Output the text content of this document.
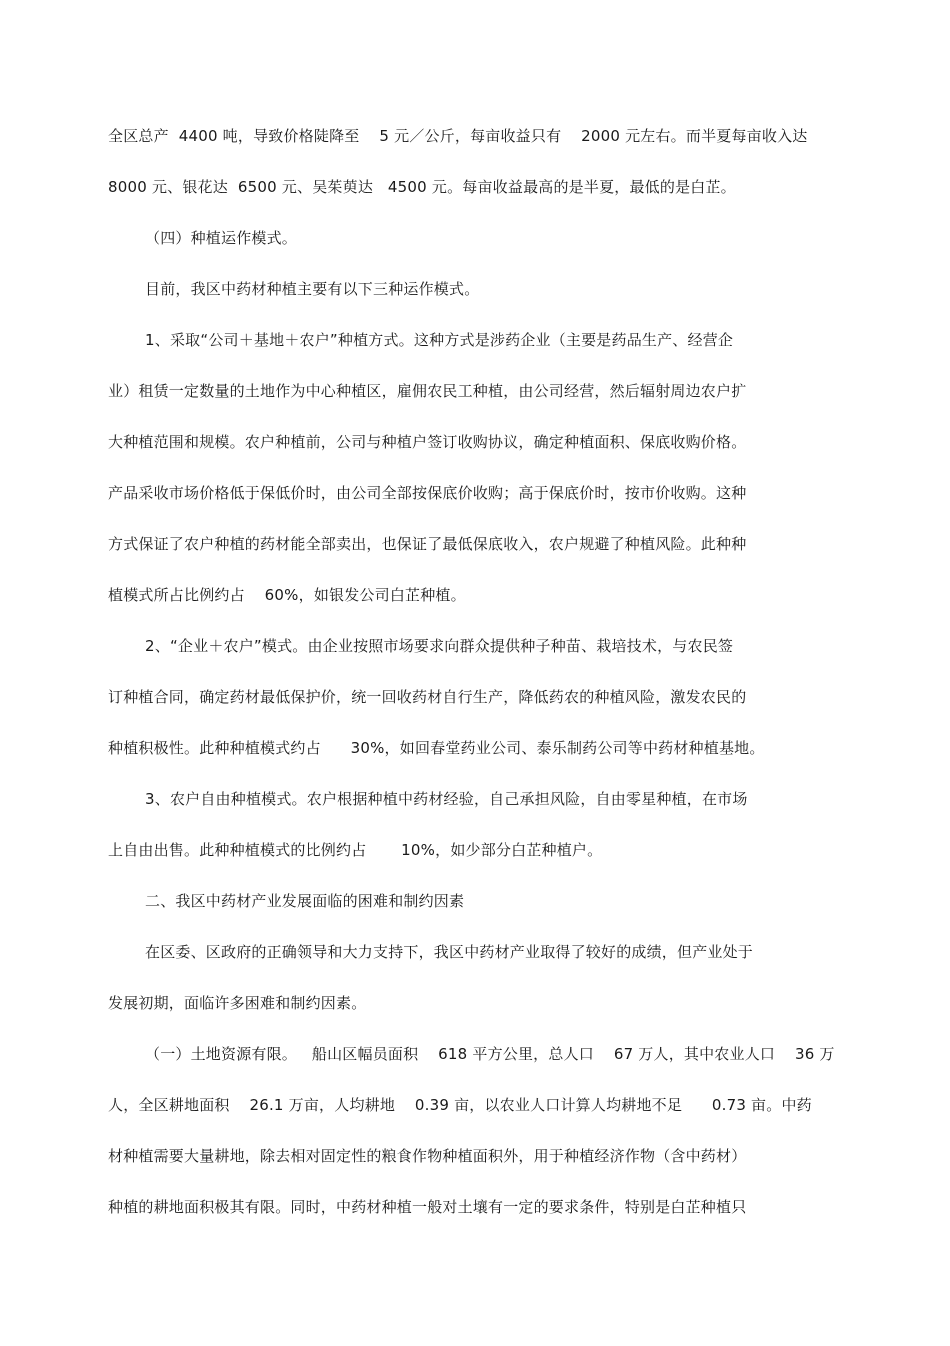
全区总产  4400 吨，导致价格陡降至    5 元／公斤，每亩收益只有    2000 元左右。而半夏每亩收入达
8000 元、银花达  6500 元、吴茱萸达   4500 元。每亩收益最高的是半夏，最低的是白芷。
（四）种植运作模式。
目前，我区中药材种植主要有以下三种运作模式。
1、采取“公司＋基地＋农户”种植方式。这种方式是涉药企业（主要是药品生产、经营企
业）租赁一定数量的土地作为中心种植区，雇佣农民工种植，由公司经营，然后辐射周边农户扩
大种植范围和规模。农户种植前，公司与种植户签订收购协议，确定种植面积、保底收购价格。
产品采收市场价格低于保低价时，由公司全部按保底价收购；高于保底价时，按市价收购。这种
方式保证了农户种植的药材能全部卖出，也保证了最低保底收入，农户规避了种植风险。此种种
植模式所占比例约占    60%，如银发公司白芷种植。
2、“企业＋农户”模式。由企业按照市场要求向群众提供种子种苗、栽培技术，与农民签
订种植合同，确定药材最低保护价，统一回收药材自行生产，降低药农的种植风险，激发农民的
种植积极性。此种种植模式约占      30%，如回春堂药业公司、泰乐制药公司等中药材种植基地。
3、农户自由种植模式。农户根据种植中药材经验，自己承担风险，自由零星种植，在市场
上自由出售。此种种植模式的比例约占       10%，如少部分白芷种植户。
二、我区中药材产业发展面临的困难和制约因素
在区委、区政府的正确领导和大力支持下，我区中药材产业取得了较好的成绩，但产业处于
发展初期，面临许多困难和制约因素。
（一）土地资源有限。   船山区幅员面积    618 平方公里，总人口    67 万人，其中农业人口    36 万
人，全区耕地面积    26.1 万亩，人均耕地    0.39 亩，以农业人口计算人均耕地不足      0.73 亩。中药
材种植需要大量耕地，除去相对固定性的粮食作物种植面积外，用于种植经济作物（含中药材）
种植的耕地面积极其有限。同时，中药材种植一般对土壤有一定的要求条件，特别是白芷种植只
